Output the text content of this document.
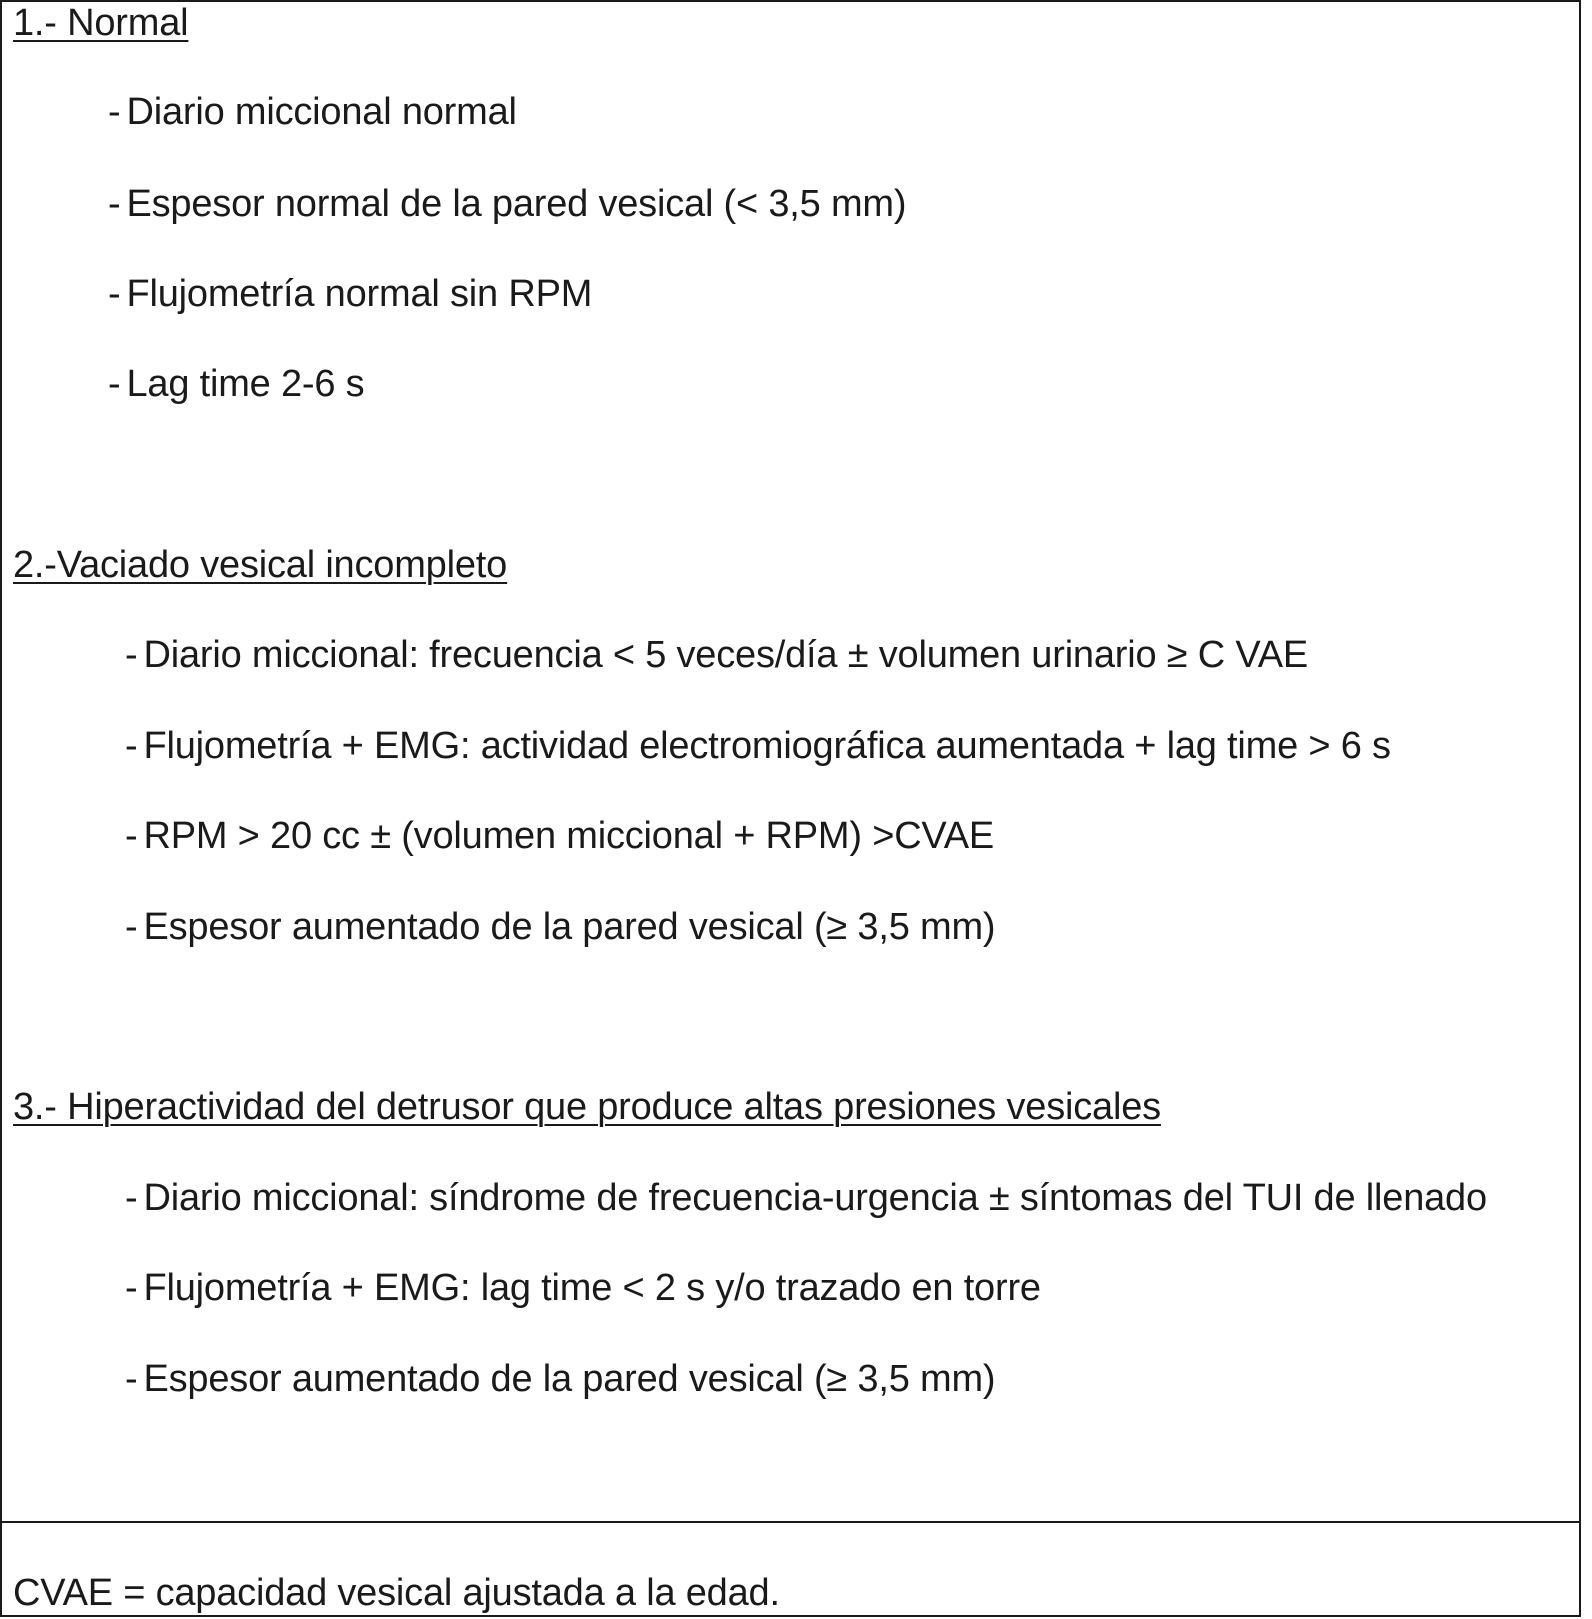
1.- Normal
- Diario miccional normal
- Espesor normal de la pared vesical (< 3,5 mm)
- Flujometría normal sin RPM
- Lag time 2-6 s
2.-Vaciado vesical incompleto
- Diario miccional: frecuencia < 5 veces/día ± volumen urinario ≥ C VAE
- Flujometría + EMG: actividad electromiográfica aumentada + lag time > 6 s
- RPM > 20 cc ± (volumen miccional + RPM) >CVAE
- Espesor aumentado de la pared vesical (≥ 3,5 mm)
3.- Hiperactividad del detrusor que produce altas presiones vesicales
- Diario miccional: síndrome de frecuencia-urgencia ± síntomas del TUI de llenado
- Flujometría + EMG: lag time < 2 s y/o trazado en torre
- Espesor aumentado de la pared vesical (≥ 3,5 mm)
CVAE = capacidad vesical ajustada a la edad.
